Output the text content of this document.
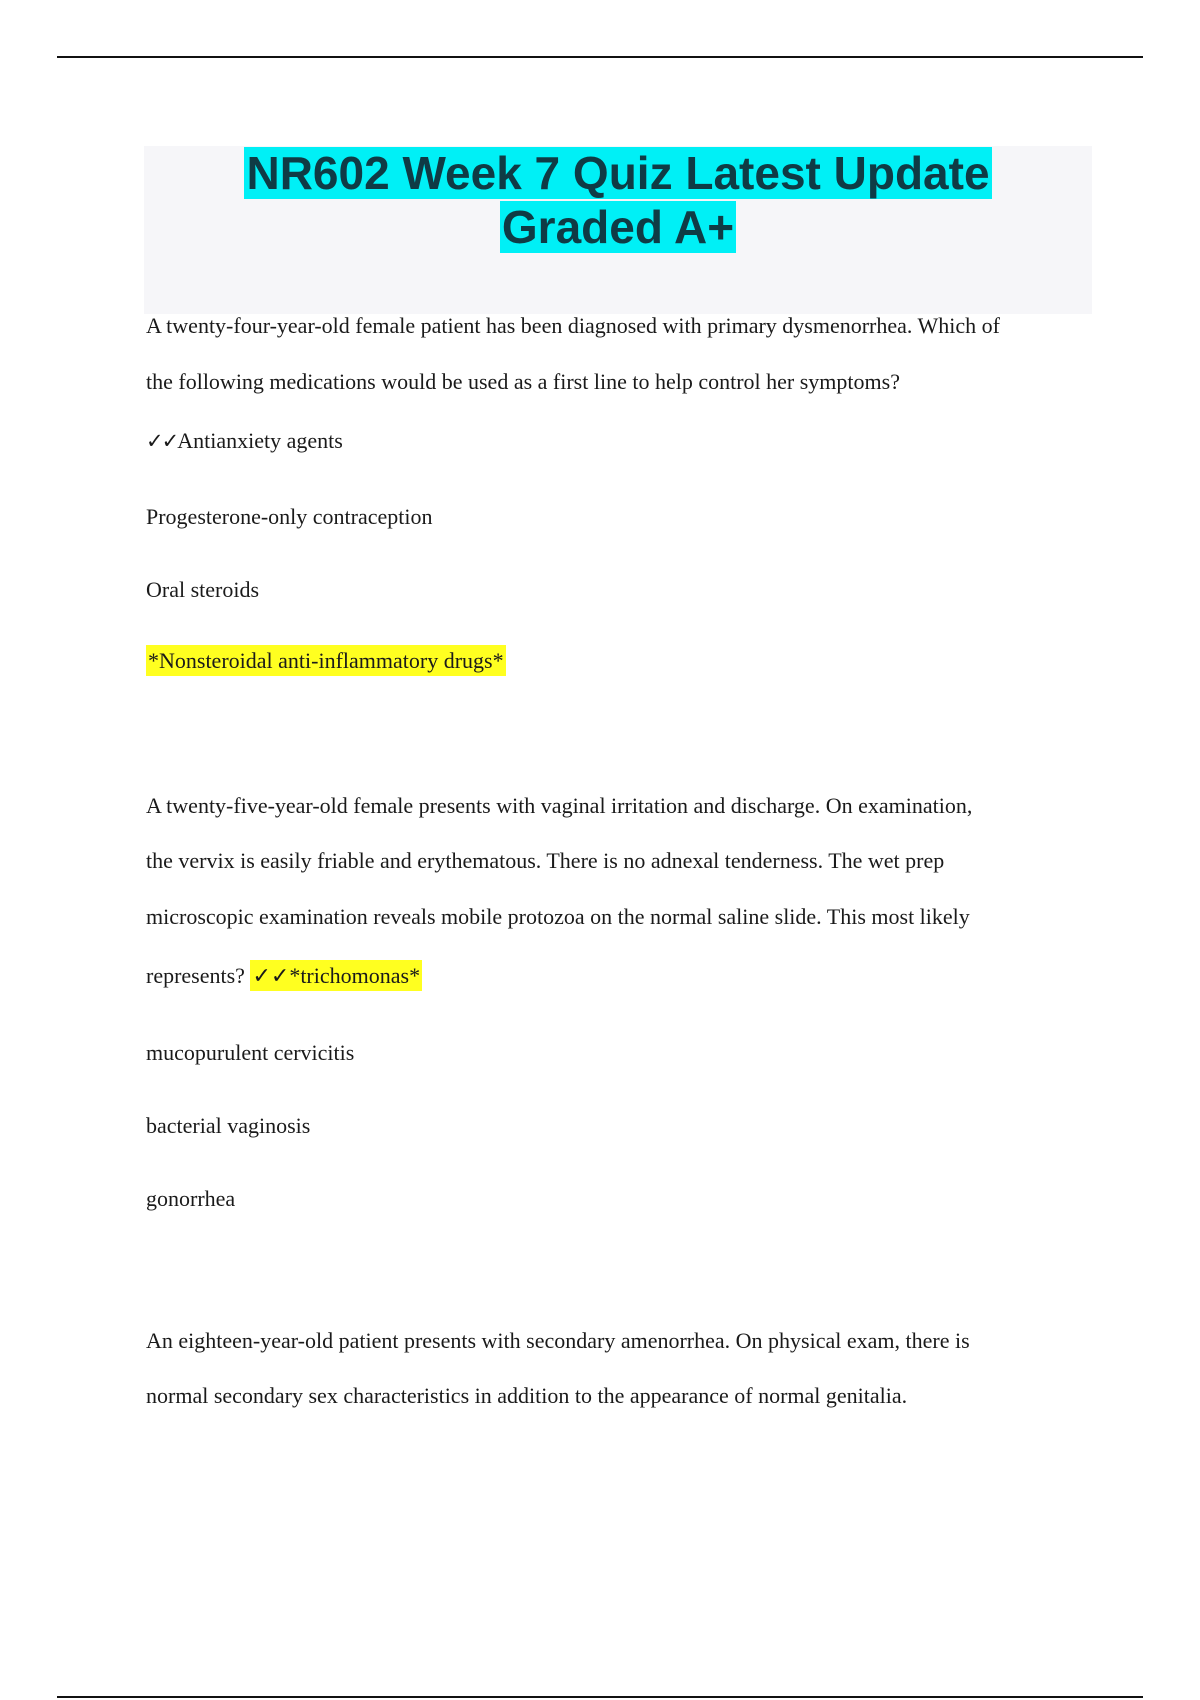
NR602 Week 7 Quiz Latest Update
Graded A+

A twenty-four-year-old female patient has been diagnosed with primary dysmenorrhea. Which of

the following medications would be used as a first line to help control her symptoms?

✓✓Antianxiety agents

Progesterone-only contraception

Oral steroids

*Nonsteroidal anti-inflammatory drugs*

A twenty-five-year-old female presents with vaginal irritation and discharge. On examination,

the vervix is easily friable and erythematous. There is no adnexal tenderness. The wet prep

microscopic examination reveals mobile protozoa on the normal saline slide. This most likely

represents? ✓✓*trichomonas*

mucopurulent cervicitis

bacterial vaginosis

gonorrhea

An eighteen-year-old patient presents with secondary amenorrhea. On physical exam, there is

normal secondary sex characteristics in addition to the appearance of normal genitalia.
